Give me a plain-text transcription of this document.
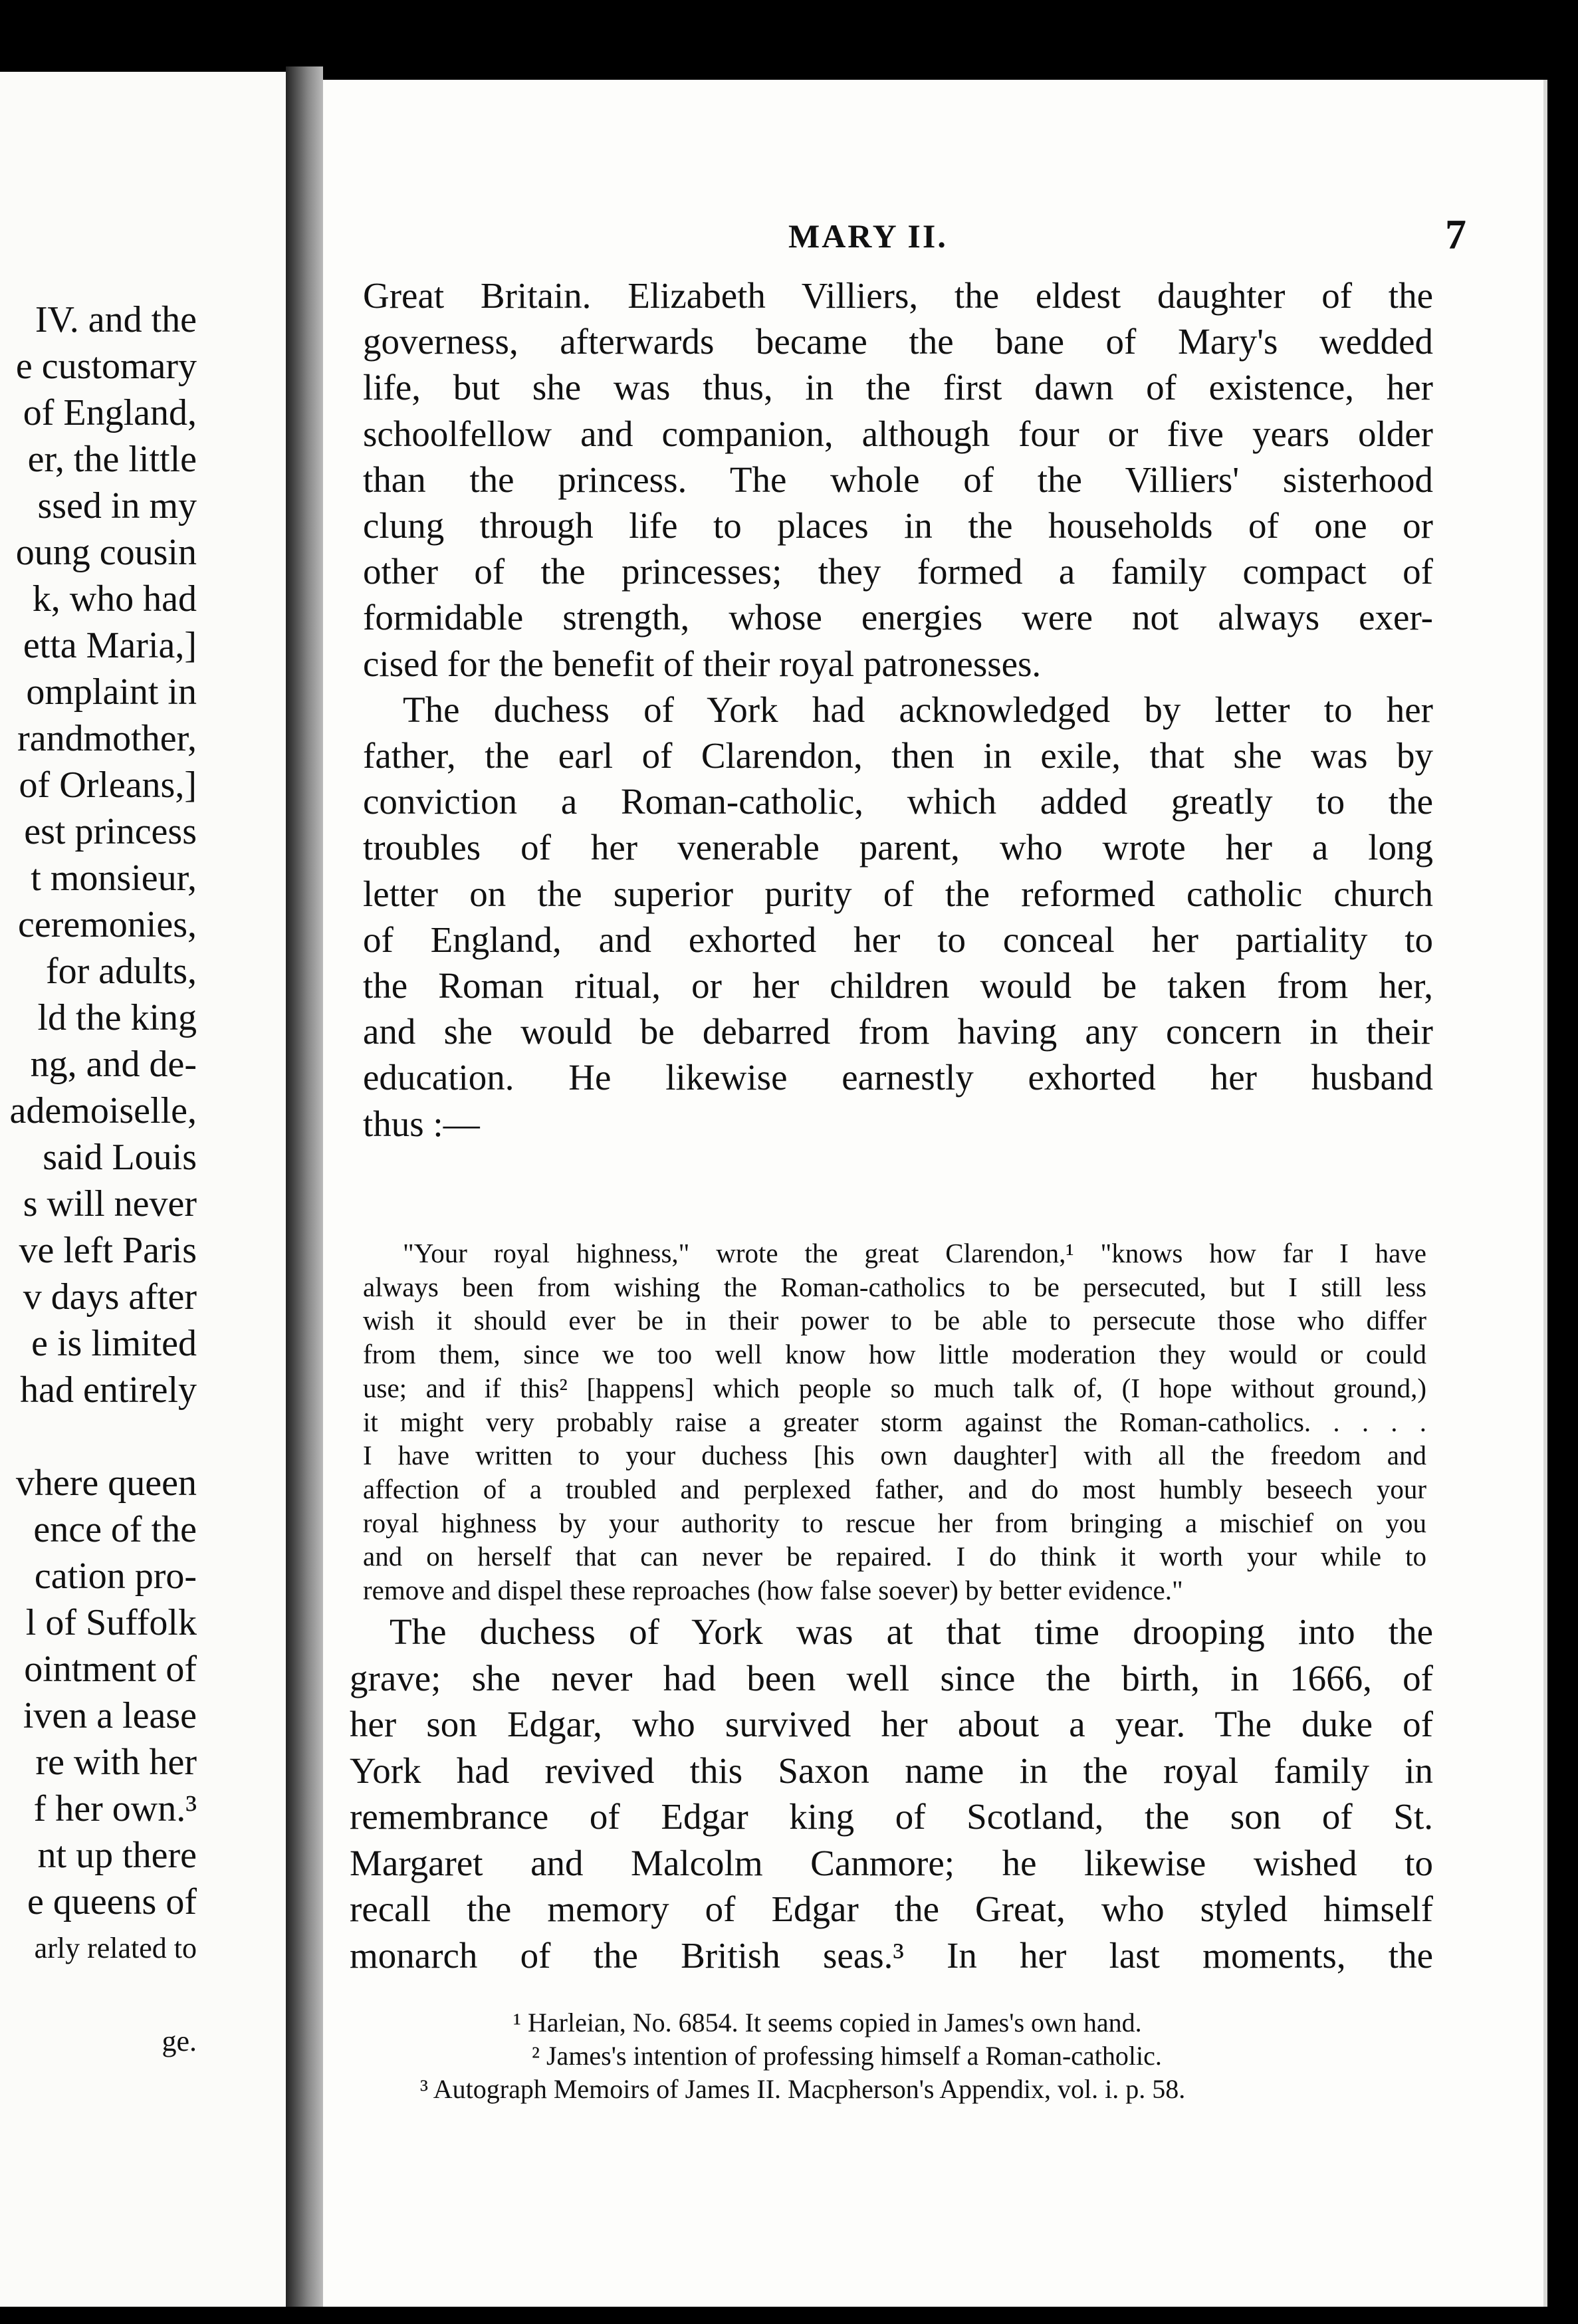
IV. and the
e customary
of England,
er, the little
ssed in my
oung cousin
k, who had
etta Maria,]
omplaint in
randmother,
of Orleans,]
est princess
t monsieur,
ceremonies,
for adults,
ld the king
ng, and de-
ademoiselle,
said Louis
s will never
ve left Paris
v days after
e is limited
had entirely
vhere queen
ence of the
cation pro-
l of Suffolk
ointment of
iven a lease
re with her
f her own.³
nt up there
e queens of
arly related to
ge.
MARY II.	7

Great Britain. Elizabeth Villiers, the eldest daughter of the

governess, afterwards became the bane of Mary's wedded

life, but she was thus, in the first dawn of existence, her

schoolfellow and companion, although four or five years older

than the princess. The whole of the Villiers' sisterhood

clung through life to places in the households of one or

other of the princesses; they formed a family compact of

formidable strength, whose energies were not always exer-

cised for the benefit of their royal patronesses.

The duchess of York had acknowledged by letter to her

father, the earl of Clarendon, then in exile, that she was by

conviction a Roman-catholic, which added greatly to the

troubles of her venerable parent, who wrote her a long

letter on the superior purity of the reformed catholic church

of England, and exhorted her to conceal her partiality to

the Roman ritual, or her children would be taken from her,

and she would be debarred from having any concern in their

education. He likewise earnestly exhorted her husband

thus :—

"Your royal highness," wrote the great Clarendon,¹ "knows how far I have

always been from wishing the Roman-catholics to be persecuted, but I still less

wish it should ever be in their power to be able to persecute those who differ

from them, since we too well know how little moderation they would or could

use; and if this² [happens] which people so much talk of, (I hope without ground,)

it might very probably raise a greater storm against the Roman-catholics. . . . .

I have written to your duchess [his own daughter] with all the freedom and

affection of a troubled and perplexed father, and do most humbly beseech your

royal highness by your authority to rescue her from bringing a mischief on you

and on herself that can never be repaired. I do think it worth your while to

remove and dispel these reproaches (how false soever) by better evidence."

The duchess of York was at that time drooping into the

grave; she never had been well since the birth, in 1666, of

her son Edgar, who survived her about a year. The duke of

York had revived this Saxon name in the royal family in

remembrance of Edgar king of Scotland, the son of St.

Margaret and Malcolm Canmore; he likewise wished to

recall the memory of Edgar the Great, who styled himself

monarch of the British seas.³ In her last moments, the

¹ Harleian, No. 6854. It seems copied in James's own hand.
² James's intention of professing himself a Roman-catholic.
³ Autograph Memoirs of James II. Macpherson's Appendix, vol. i. p. 58.
